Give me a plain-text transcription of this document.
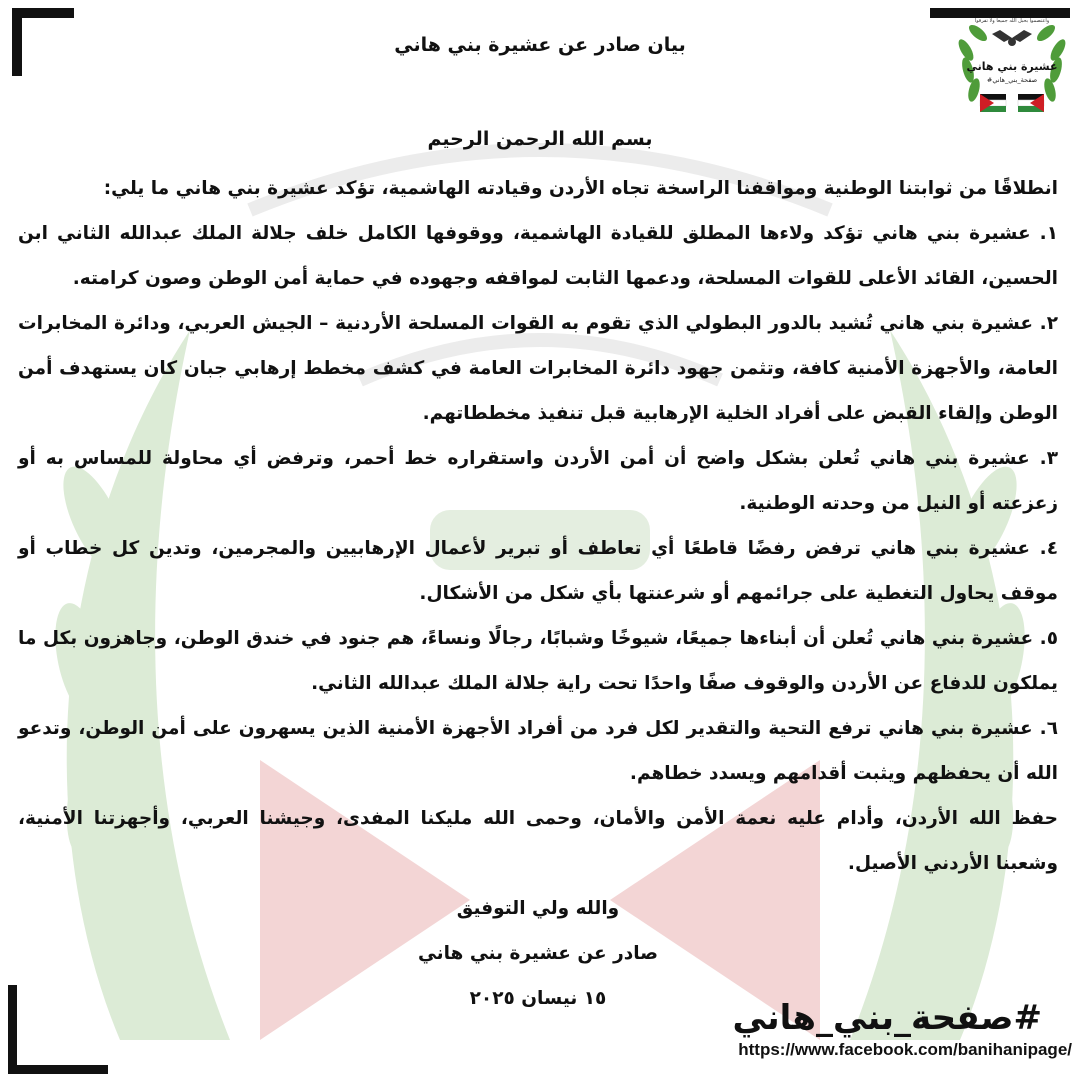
واعتصموا بحبل الله جميعاً ولا تفرقوا
عشيرة بني هاني
#صفحة_بني_هاني
بيان صادر عن عشيرة بني هاني
بسم الله الرحمن الرحيم

انطلاقًا من ثوابتنا الوطنية ومواقفنا الراسخة تجاه الأردن وقيادته الهاشمية، تؤكد عشيرة بني هاني ما يلي:

١. عشيرة بني هاني تؤكد ولاءها المطلق للقيادة الهاشمية، ووقوفها الكامل خلف جلالة الملك عبدالله الثاني ابن الحسين، القائد الأعلى للقوات المسلحة، ودعمها الثابت لمواقفه وجهوده في حماية أمن الوطن وصون كرامته.

٢. عشيرة بني هاني تُشيد بالدور البطولي الذي تقوم به القوات المسلحة الأردنية – الجيش العربي، ودائرة المخابرات العامة، والأجهزة الأمنية كافة، وتثمن جهود دائرة المخابرات العامة في كشف مخطط إرهابي جبان كان يستهدف أمن الوطن وإلقاء القبض على أفراد الخلية الإرهابية قبل تنفيذ مخططاتهم.

٣. عشيرة بني هاني تُعلن بشكل واضح أن أمن الأردن واستقراره خط أحمر، وترفض أي محاولة للمساس به أو زعزعته أو النيل من وحدته الوطنية.

٤. عشيرة بني هاني ترفض رفضًا قاطعًا أي تعاطف أو تبرير لأعمال الإرهابيين والمجرمين، وتدين كل خطاب أو موقف يحاول التغطية على جرائمهم أو شرعنتها بأي شكل من الأشكال.

٥. عشيرة بني هاني تُعلن أن أبناءها جميعًا، شيوخًا وشبابًا، رجالًا ونساءً، هم جنود في خندق الوطن، وجاهزون بكل ما يملكون للدفاع عن الأردن والوقوف صفًا واحدًا تحت راية جلالة الملك عبدالله الثاني.

٦. عشيرة بني هاني ترفع التحية والتقدير لكل فرد من أفراد الأجهزة الأمنية الذين يسهرون على أمن الوطن، وتدعو الله أن يحفظهم ويثبت أقدامهم ويسدد خطاهم.

حفظ الله الأردن، وأدام عليه نعمة الأمن والأمان، وحمى الله مليكنا المفدى، وجيشنا العربي، وأجهزتنا الأمنية، وشعبنا الأردني الأصيل.

والله ولي التوفيق

صادر عن عشيرة بني هاني

١٥ نيسان ٢٠٢٥	#صفحة_بني_هاني
https://www.facebook.com/banihanipage/
